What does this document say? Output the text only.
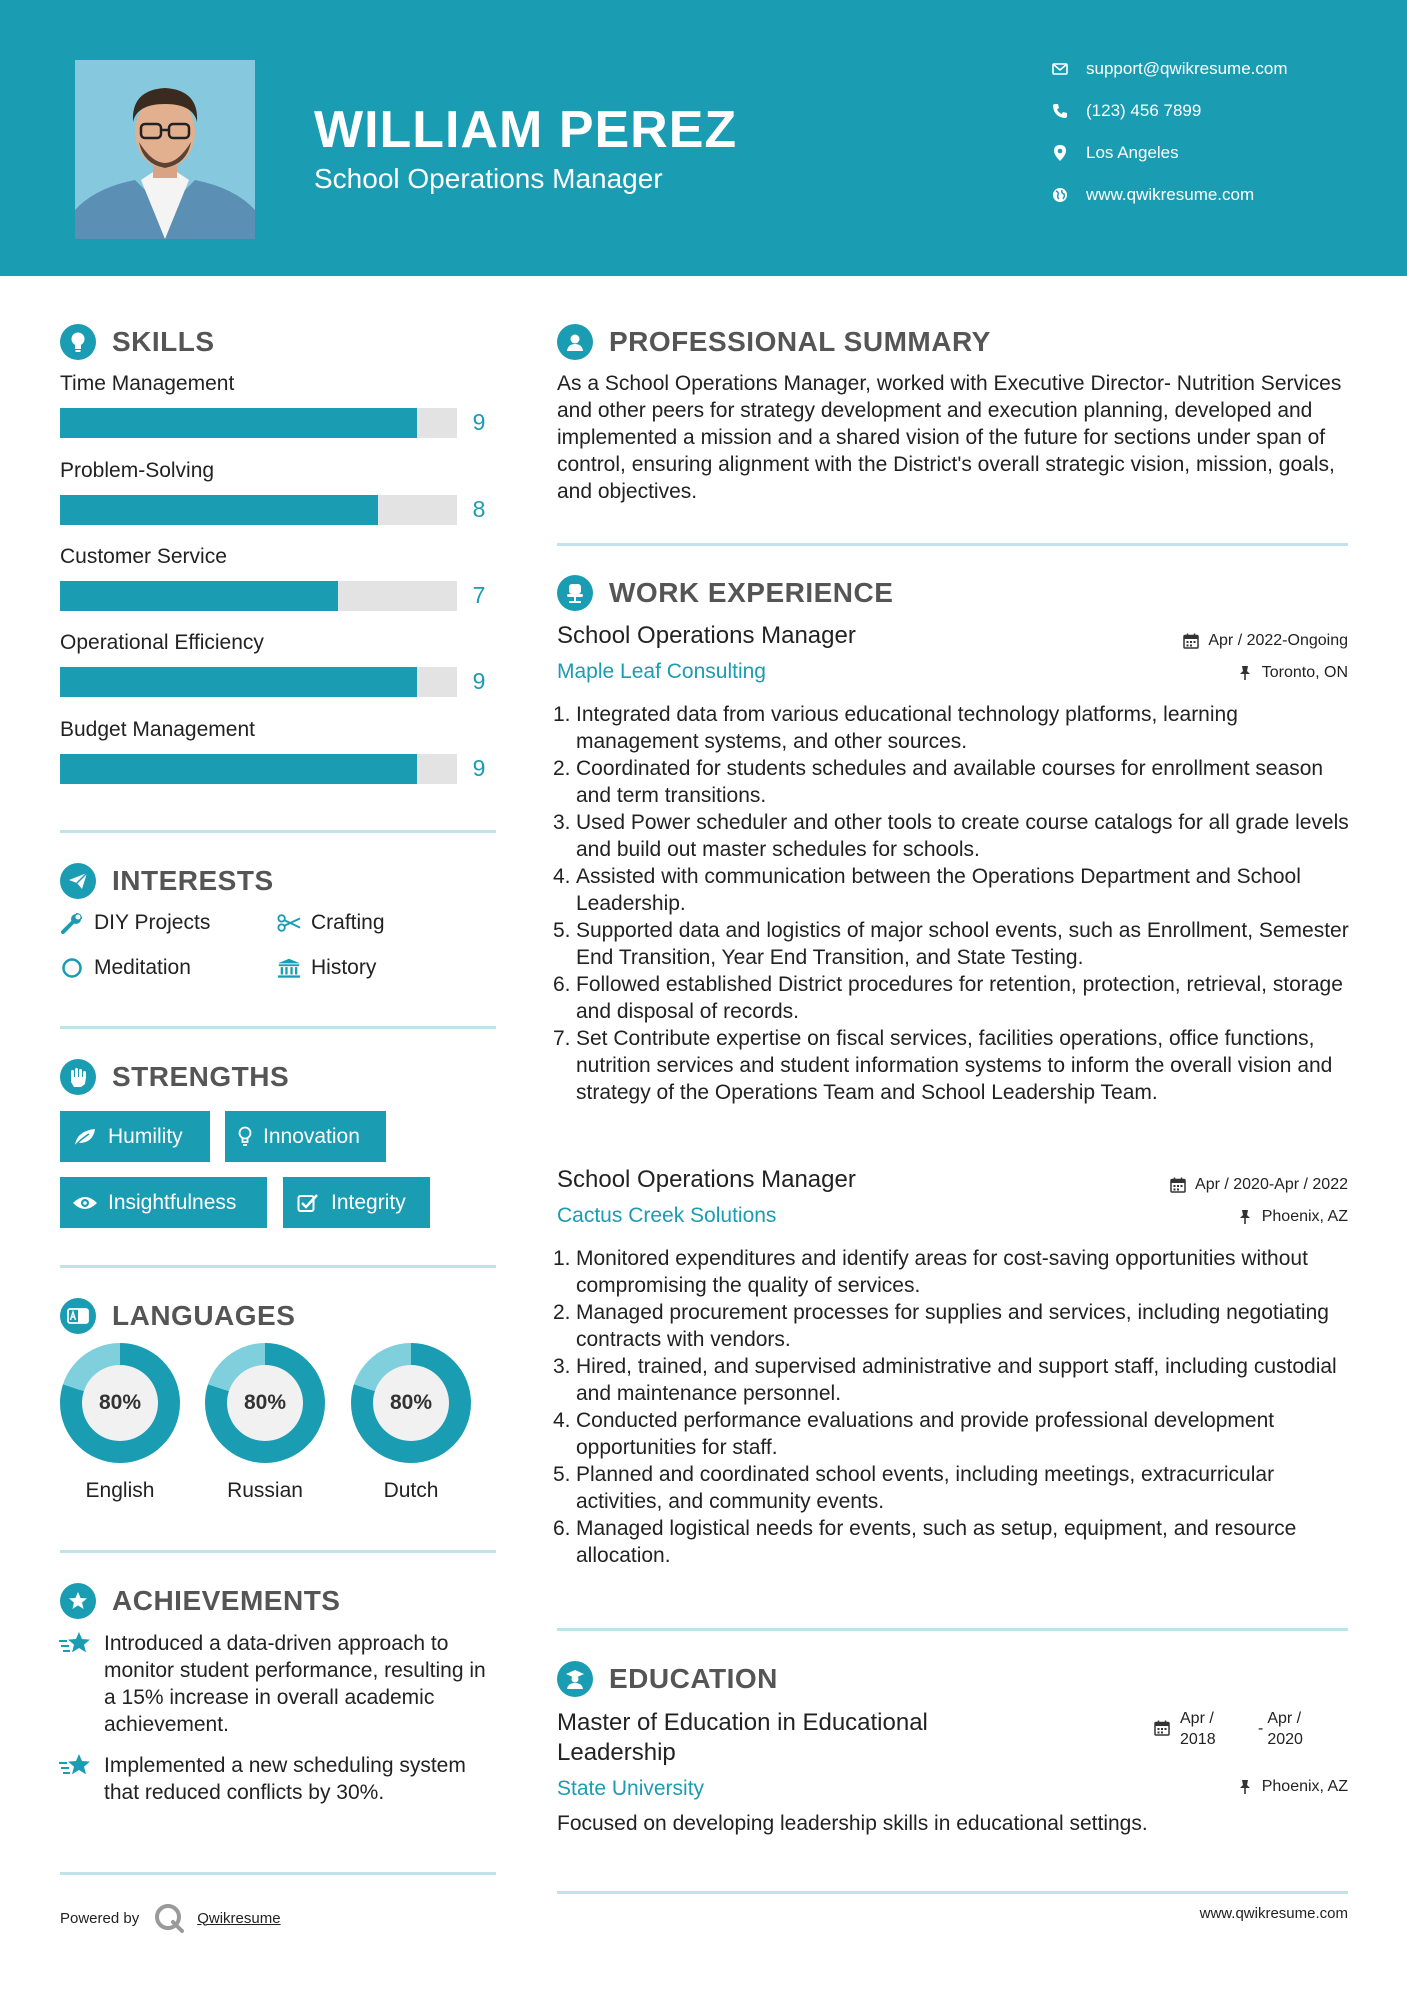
WILLIAM PEREZ
School Operations Manager
support@qwikresume.com
(123) 456 7899
Los Angeles
www.qwikresume.com
SKILLS
Time Management
9
Problem-Solving
8
Customer Service
7
Operational Efficiency
9
Budget Management
9
INTERESTS
DIY Projects	Crafting
Meditation	History
STRENGTHS
Humility	Innovation
Insightfulness	Integrity
LANGUAGES
80%
English
80%
Russian
80%
Dutch
ACHIEVEMENTS
Introduced a data-driven approach to monitor student performance, resulting in a 15% increase in overall academic achievement.
Implemented a new scheduling system that reduced conflicts by 30%.
Powered by	Qwikresume
PROFESSIONAL SUMMARY
As a School Operations Manager, worked with Executive Director- Nutrition Services and other peers for strategy development and execution planning, developed and implemented a mission and a shared vision of the future for sections under span of control, ensuring alignment with the District's overall strategic vision, mission, goals, and objectives.
WORK EXPERIENCE
School Operations Manager
Maple Leaf Consulting
Apr / 2022-Ongoing
Toronto, ON
1. Integrated data from various educational technology platforms, learning management systems, and other sources.
2. Coordinated for students schedules and available courses for enrollment season and term transitions.
3. Used Power scheduler and other tools to create course catalogs for all grade levels and build out master schedules for schools.
4. Assisted with communication between the Operations Department and School Leadership.
5. Supported data and logistics of major school events, such as Enrollment, Semester End Transition, Year End Transition, and State Testing.
6. Followed established District procedures for retention, protection, retrieval, storage and disposal of records.
7. Set Contribute expertise on fiscal services, facilities operations, office functions, nutrition services and student information systems to inform the overall vision and strategy of the Operations Team and School Leadership Team.
School Operations Manager
Cactus Creek Solutions
Apr / 2020-Apr / 2022
Phoenix, AZ
1. Monitored expenditures and identify areas for cost-saving opportunities without compromising the quality of services.
2. Managed procurement processes for supplies and services, including negotiating contracts with vendors.
3. Hired, trained, and supervised administrative and support staff, including custodial and maintenance personnel.
4. Conducted performance evaluations and provide professional development opportunities for staff.
5. Planned and coordinated school events, including meetings, extracurricular activities, and community events.
6. Managed logistical needs for events, such as setup, equipment, and resource allocation.
EDUCATION
Master of Education in Educational Leadership
State University
Apr /
2018
-
Apr /
2020
Phoenix, AZ
Focused on developing leadership skills in educational settings.
www.qwikresume.com
